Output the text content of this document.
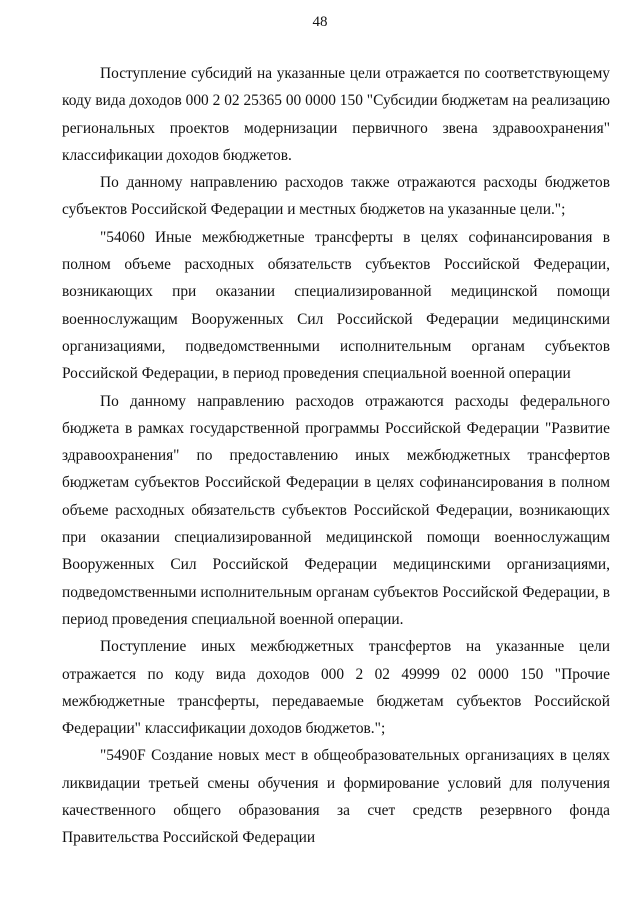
48

Поступление субсидий на указанные цели отражается по соответствующему коду вида доходов 000 2 02 25365 00 0000 150 "Субсидии бюджетам на реализацию региональных проектов модернизации первичного звена здравоохранения" классификации доходов бюджетов.

По данному направлению расходов также отражаются расходы бюджетов субъектов Российской Федерации и местных бюджетов на указанные цели.";

"54060 Иные межбюджетные трансферты в целях софинансирования в полном объеме расходных обязательств субъектов Российской Федерации, возникающих при оказании специализированной медицинской помощи военнослужащим Вооруженных Сил Российской Федерации медицинскими организациями, подведомственными исполнительным органам субъектов Российской Федерации, в период проведения специальной военной операции

По данному направлению расходов отражаются расходы федерального бюджета в рамках государственной программы Российской Федерации "Развитие здравоохранения" по предоставлению иных межбюджетных трансфертов бюджетам субъектов Российской Федерации в целях софинансирования в полном объеме расходных обязательств субъектов Российской Федерации, возникающих при оказании специализированной медицинской помощи военнослужащим Вооруженных Сил Российской Федерации медицинскими организациями, подведомственными исполнительным органам субъектов Российской Федерации, в период проведения специальной военной операции.

Поступление иных межбюджетных трансфертов на указанные цели отражается по коду вида доходов 000 2 02 49999 02 0000 150 "Прочие межбюджетные трансферты, передаваемые бюджетам субъектов Российской Федерации" классификации доходов бюджетов.";

"5490F Создание новых мест в общеобразовательных организациях в целях ликвидации третьей смены обучения и формирование условий для получения качественного общего образования за счет средств резервного фонда Правительства Российской Федерации
